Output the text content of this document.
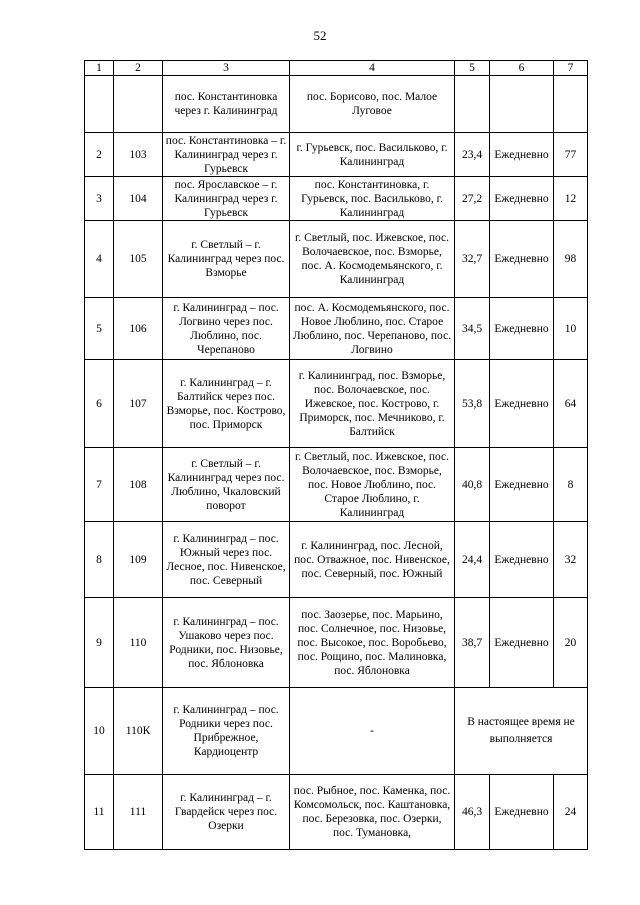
52
1	2	3	4	5	6	7
		пос. Константиновка через г. Калининград	пос. Борисово, пос. Малое Луговое			
2	103	пос. Константиновка – г. Калининград через г. Гурьевск	г. Гурьевск, пос. Васильково, г. Калининград	23,4	Ежедневно	77
3	104	пос. Ярославское – г. Калининград через г. Гурьевск	пос. Константиновка, г. Гурьевск, пос. Васильково, г. Калининград	27,2	Ежедневно	12
4	105	г. Светлый – г. Калининград через пос. Взморье	г. Светлый, пос. Ижевское, пос. Волочаевское, пос. Взморье, пос. А. Космодемьянского, г. Калининград	32,7	Ежедневно	98
5	106	г. Калининград – пос. Логвино через пос. Люблино, пос. Черепаново	пос. А. Космодемьянского, пос. Новое Люблино, пос. Старое Люблино, пос. Черепаново, пос. Логвино	34,5	Ежедневно	10
6	107	г. Калининград – г. Балтийск через пос. Взморье, пос. Кострово, пос. Приморск	г. Калининград, пос. Взморье, пос. Волочаевское, пос. Ижевское, пос. Кострово, г. Приморск, пос. Мечниково, г. Балтийск	53,8	Ежедневно	64
7	108	г. Светлый – г. Калининград через пос. Люблино, Чкаловский поворот	г. Светлый, пос. Ижевское, пос. Волочаевское, пос. Взморье, пос. Новое Люблино, пос. Старое Люблино, г. Калининград	40,8	Ежедневно	8
8	109	г. Калининград – пос. Южный через пос. Лесное, пос. Нивенское, пос. Северный	г. Калининград, пос. Лесной, пос. Отважное, пос. Нивенское, пос. Северный, пос. Южный	24,4	Ежедневно	32
9	110	г. Калининград – пос. Ушаково через пос. Родники, пос. Низовье, пос. Яблоновка	пос. Заозерье, пос. Марьино, пос. Солнечное, пос. Низовье, пос. Высокое, пос. Воробьево, пос. Рощино, пос. Малиновка, пос. Яблоновка	38,7	Ежедневно	20
10	110К	г. Калининград – пос. Родники через пос. Прибрежное, Кардиоцентр	-	В настоящее время не выполняется		
11	111	г. Калининград – г. Гвардейск через пос. Озерки	пос. Рыбное, пос. Каменка, пос. Комсомольск, пос. Каштановка, пос. Березовка, пос. Озерки, пос. Тумановка,	46,3	Ежедневно	24
